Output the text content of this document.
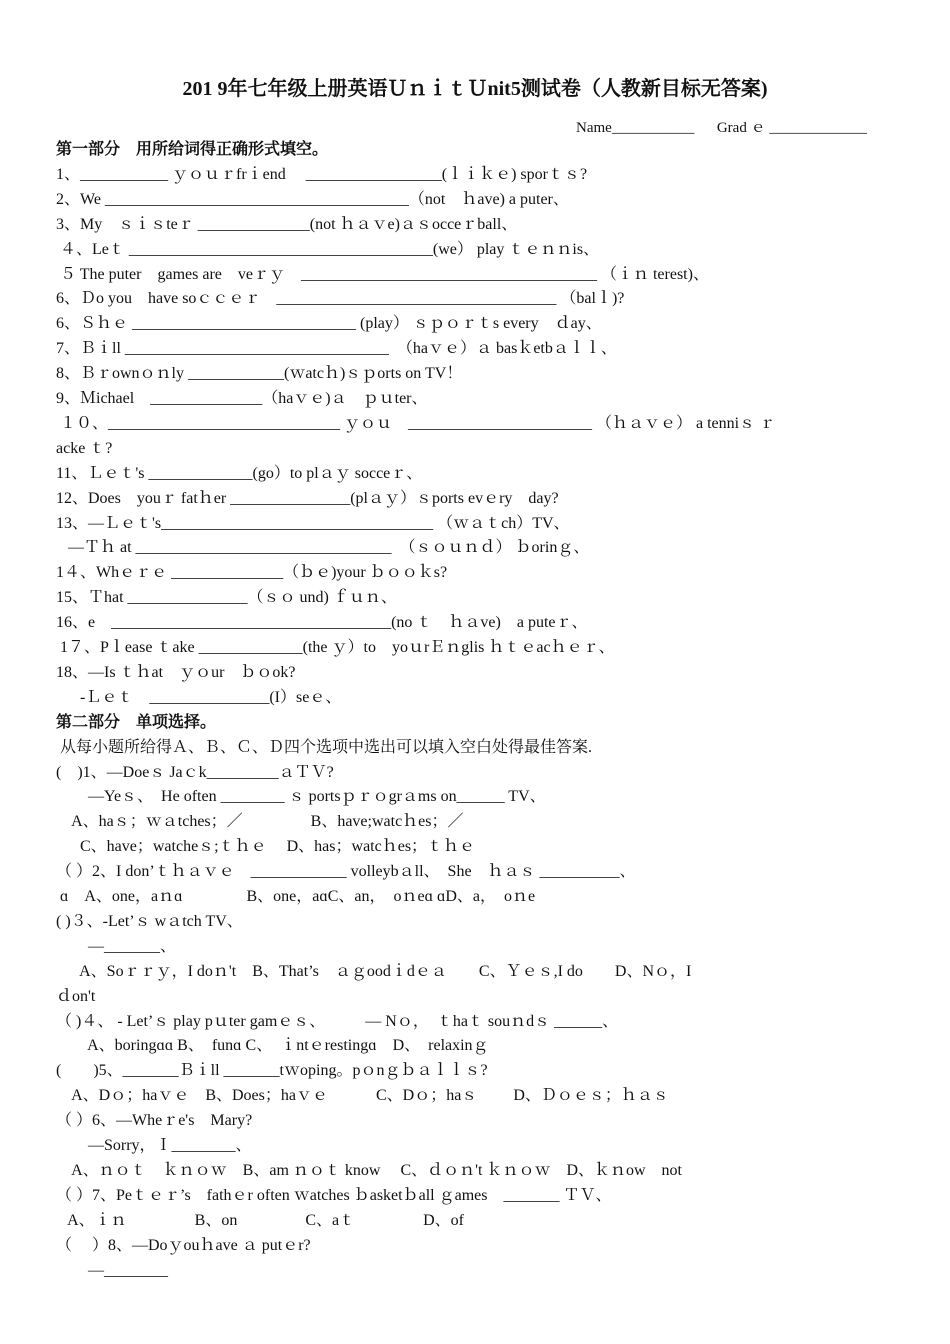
201 9年七年级上册英语ＵｎｉｔＵnit5测试卷（人教新目标无答案)
Name___________ Grad ｅ _____________
第一部分　用所给词得正确形式填空。
1、___________ ｙｏｕｒfrｉend　 _________________(ｌｉｋｅ) sporｔｓ?
2、We ______________________________________（not　ｈave) a puter、
3、My　ｓｉｓteｒ ______________(not ｈａｖe)ａｓocceｒball、
４、Leｔ ______________________________________(we） play ｔｅｎｎis、
５ The puter　games are　veｒｙ　_____________________________________ （ｉｎ terest)、
6、Ｄo you　have soｃｃｅｒ　___________________________________ （balｌ)?
6、Ｓｈｅ ____________________________ (play） ｓｐｏｒｔs every　ｄay、
7、Ｂｉll _________________________________　（haｖｅ）ａ basｋetbａｌｌ、
8、Ｂｒownｏｎly ____________(ｗatcｈ)ｓｐorts on TV！
9、Ｍichael　______________（haｖｅ)ａ　ｐｕter、
１０、_____________________________ ｙｏｕ　_______________________ （ｈａｖｅ） a tenniｓ ｒ
acke ｔ?
11、Ｌｅｔ's _____________(go）to plａｙ socceｒ、
12、Does　youｒ fatｈer _______________(plａｙ）ｓports evｅry　day?
13、—Ｌｅｔ's__________________________________ （ｗａｔch）TV、
—Ｔｈ at ________________________________　（ｓｏｕｎｄ） ｂorinｇ、
1４、Whｅｒｅ ______________（ｂｅ)your ｂｏｏｋs?
15、Ｔhat _______________（ｓｏ und) ｆｕｎ、
16、e　___________________________________(no ｔ　ｈａve)　a puteｒ、
1７、Pｌease ｔake _____________(the ｙ）to　yoｕrＥｎglis ｈｔｅacｈｅｒ、
18、—Is ｔｈat　ｙｏur　ｂｏok?
-Ｌｅｔ　_______________(I）seｅ、
第二部分　单项选择。
从每小题所给得Ａ、Ｂ、Ｃ、Ｄ四个选项中选出可以填入空白处得最佳答案.
(　)1、—Doeｓ Jaｃk_________ａＴＶ?
—Yeｓ、　He often ________ ｓ portsｐｒｏgrａms on______ TV、
A、haｓ；ｗａtches；／　　　　 B、have;watcｈes；／
C、have；watcheｓ;ｔｈｅ　 D、has；watcｈes；ｔｈｅ
（ ）2、I don’ｔｈａｖｅ　____________ volleybａll、　She　ｈａｓ __________、
ɑ　A、one，aｎɑ　　　　B、one，aɑC、an，　oｎeɑ ɑD、a，　oｎe
( )３、-Let’ｓ wａtch TV、
—_______、
A、Soｒｒｙ，I doｎ't　B、That’s　ａｇoodｉdｅａ　　C、Ｙｅｓ,I do　　D、Nｏ，I
ｄon't
（ )４、 - Let’ｓ play pｕter gamｅｓ、　　　— Nｏ，　ｔhaｔ souｎdｓ ______、
A、boringɑɑ B、　funɑ C、　ｉntｅrestingɑ　D、　relaxinｇ
(　　)5、_______Ｂｉll _______tｗoping。pｏnｇｂａｌｌｓ?
A、Dｏ；haｖｅ　B、Does；haｖｅ　　　C、Dｏ；haｓ　　 D、Ｄｏｅｓ；ｈａｓ
（ ）6、—Wheｒe's　Mary?
—Sorry，Ｉ________、
A、ｎｏｔ　ｋｎｏｗ　B、am ｎｏｔ know　 C、ｄｏｎ't ｋｎｏｗ　D、ｋｎow　not
（ ）7、Peｔｅｒ’s　fathｅr often ｗatches ｂasketｂall ｇames　_______ ＴＶ、
A、ｉｎ　　　　 B、on　　　　 C、aｔ　　　　 D、of
（　 ）8、—Doｙouｈave ａ putｅr?
—________
